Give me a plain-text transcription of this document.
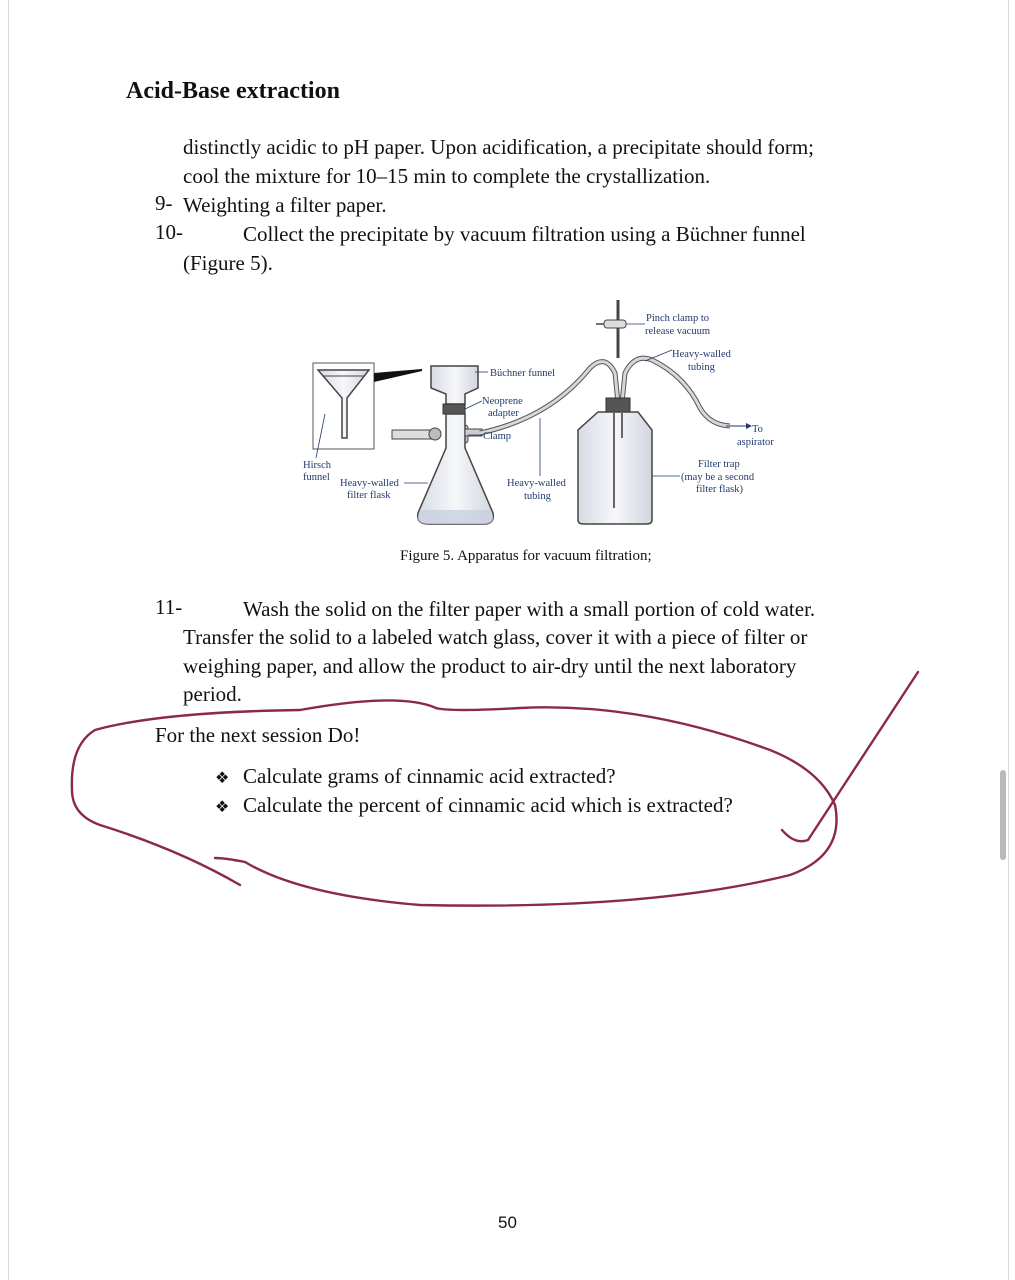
Acid-Base extraction
distinctly acidic to pH paper. Upon acidification, a precipitate should form;
cool the mixture for 10–15 min to complete the crystallization.
9- Weighting a filter paper.
10-	Collect the precipitate by vacuum filtration using a Büchner funnel
(Figure 5).
Büchner funnel
Neoprene
adapter
Clamp
Hirsch
funnel
Heavy-walled
filter flask
Heavy-walled
tubing
Pinch clamp to
release vacuum
Heavy-walled
tubing
To
aspirator
Filter trap
(may be a second
filter flask)
Figure 5. Apparatus for vacuum filtration;
11-	Wash the solid on the filter paper with a small portion of cold water.
Transfer the solid to a labeled watch glass, cover it with a piece of filter or
weighing paper, and allow the product to air-dry until the next laboratory
period.
For the next session Do!
❖ Calculate grams of cinnamic acid extracted?
❖ Calculate the percent of cinnamic acid which is extracted?
50
